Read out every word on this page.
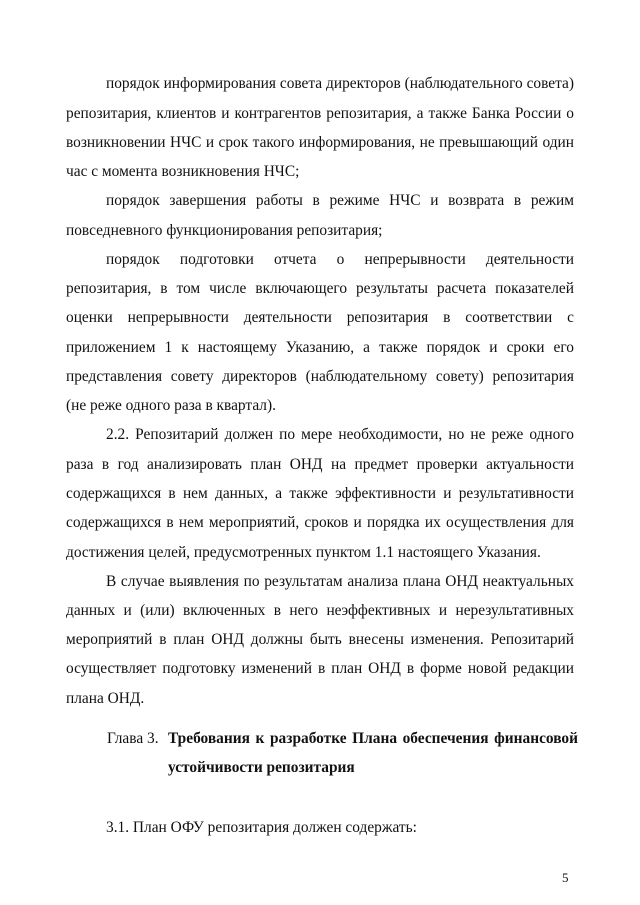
порядок информирования совета директоров (наблюдательного совета)
репозитария, клиентов и контрагентов репозитария, а также Банка России о
возникновении НЧС и срок такого информирования, не превышающий один
час с момента возникновения НЧС;
порядок завершения работы в режиме НЧС и возврата в режим
повседневного функционирования репозитария;
порядок подготовки отчета о непрерывности деятельности
репозитария, в том числе включающего результаты расчета показателей
оценки непрерывности деятельности репозитария в соответствии с
приложением 1 к настоящему Указанию, а также порядок и сроки его
представления совету директоров (наблюдательному совету) репозитария
(не реже одного раза в квартал).
2.2. Репозитарий должен по мере необходимости, но не реже одного
раза в год анализировать план ОНД на предмет проверки актуальности
содержащихся в нем данных, а также эффективности и результативности
содержащихся в нем мероприятий, сроков и порядка их осуществления для
достижения целей, предусмотренных пунктом 1.1 настоящего Указания.
В случае выявления по результатам анализа плана ОНД неактуальных
данных и (или) включенных в него неэффективных и нерезультативных
мероприятий в план ОНД должны быть внесены изменения. Репозитарий
осуществляет подготовку изменений в план ОНД в форме новой редакции
плана ОНД.
Глава 3. Требования к разработке Плана обеспечения финансовой
устойчивости репозитария
3.1. План ОФУ репозитария должен содержать:
5
